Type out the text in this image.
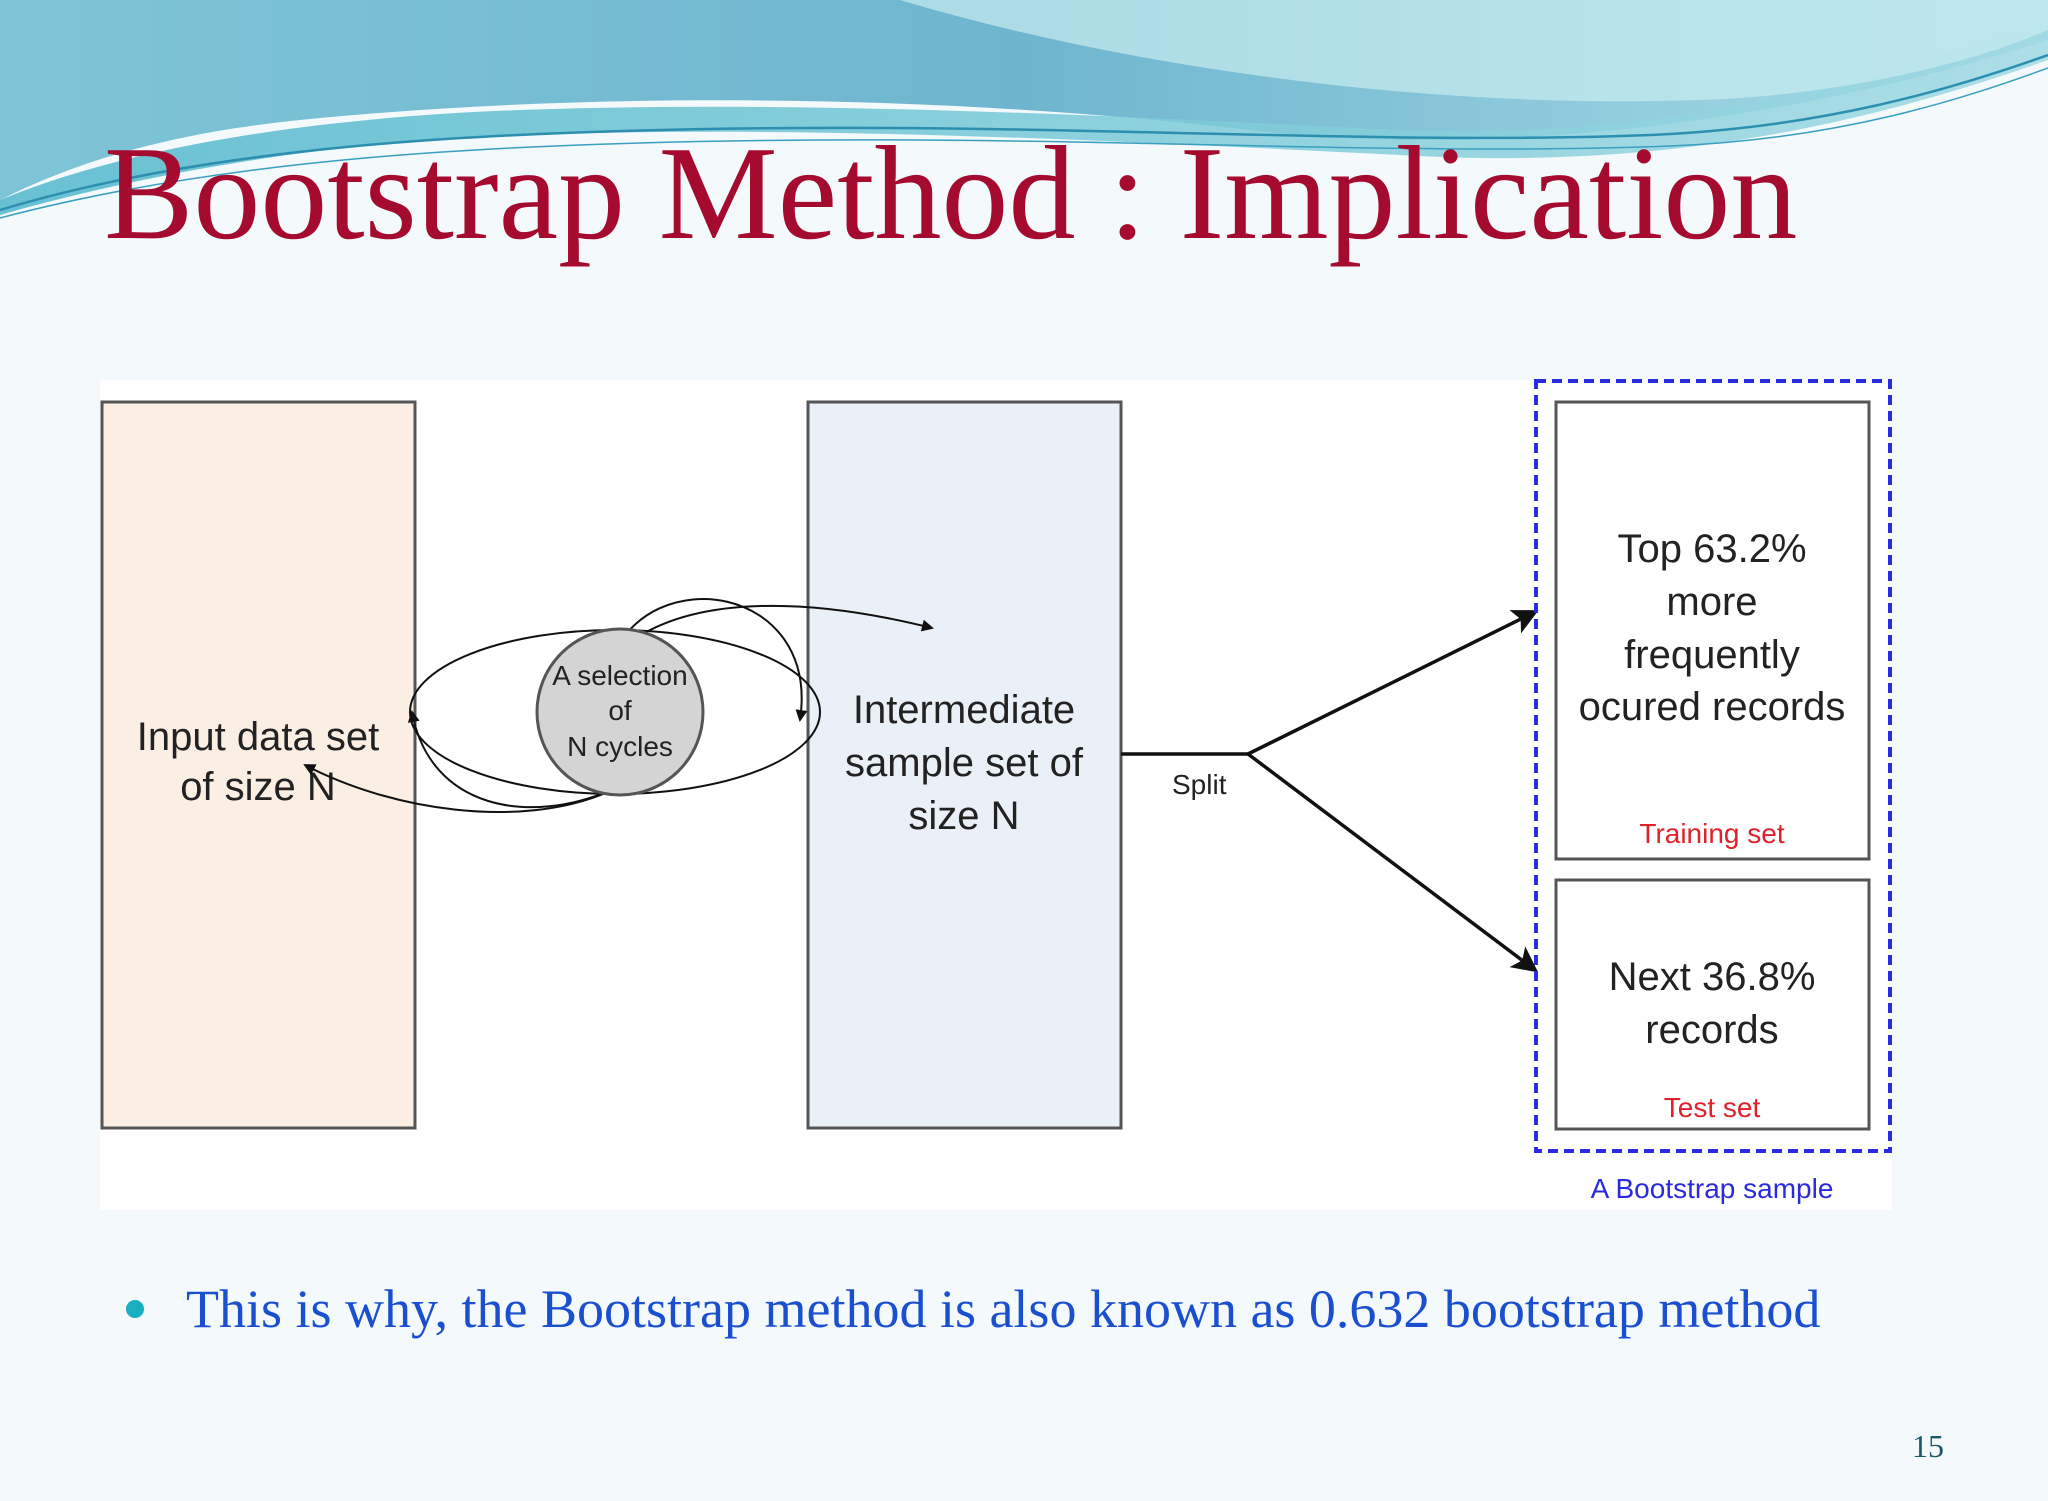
Bootstrap Method : Implication
Input data set
of size N
Intermediate
sample set of
size N
A selection
of
N cycles
Split
Top 63.2%
more
frequently
ocured records
Training set
Next 36.8%
records
Test set
A Bootstrap sample
This is why, the Bootstrap method is also known as 0.632 bootstrap method
15
